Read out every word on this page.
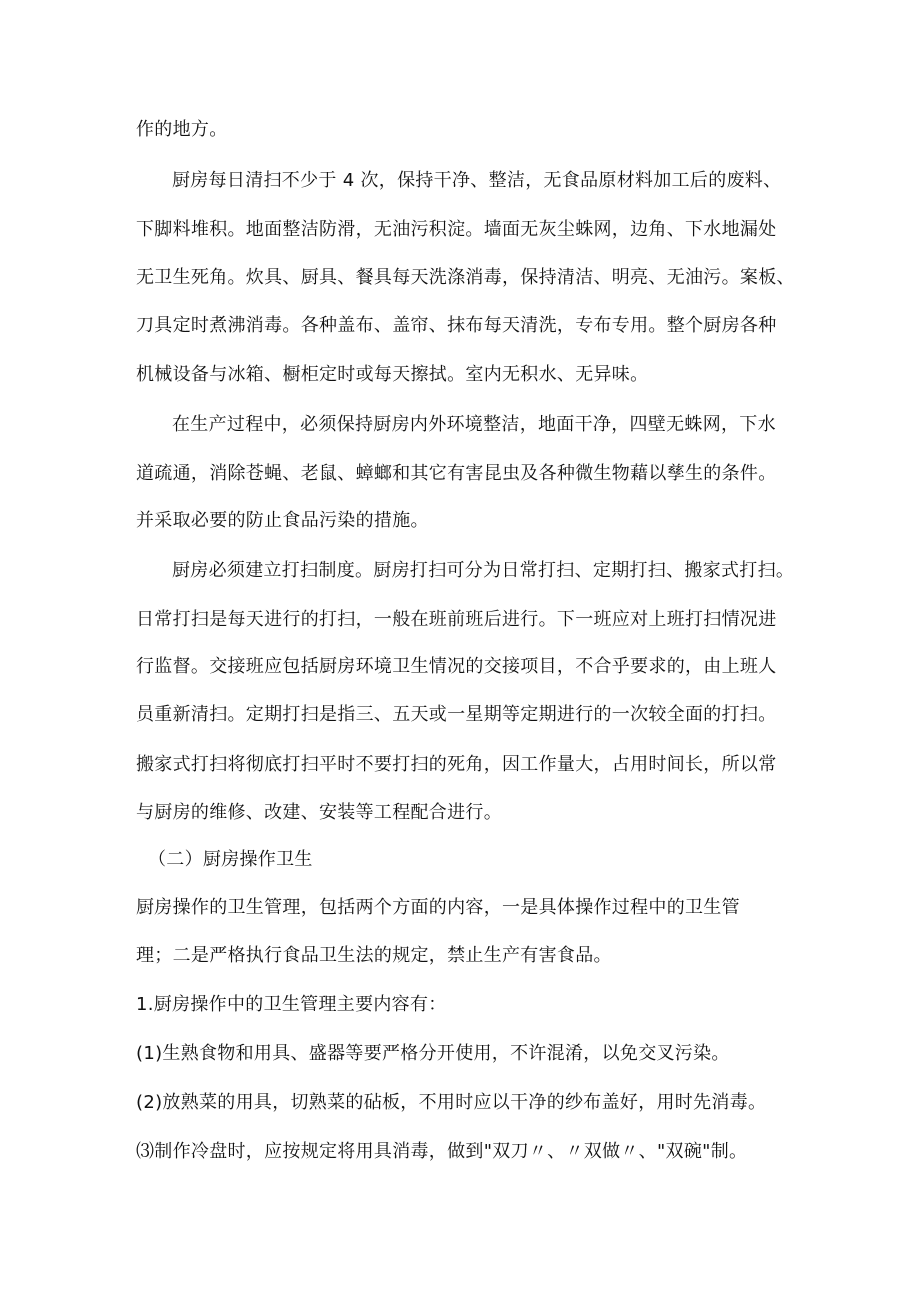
作的地方。
厨房每日清扫不少于 4 次，保持干净、整洁，无食品原材料加工后的废料、
下脚料堆积。地面整洁防滑，无油污积淀。墙面无灰尘蛛网，边角、下水地漏处
无卫生死角。炊具、厨具、餐具每天洗涤消毒，保持清洁、明亮、无油污。案板、
刀具定时煮沸消毒。各种盖布、盖帘、抹布每天清洗，专布专用。整个厨房各种
机械设备与冰箱、橱柜定时或每天擦拭。室内无积水、无异味。
在生产过程中，必须保持厨房内外环境整洁，地面干净，四壁无蛛网，下水
道疏通，消除苍蝇、老鼠、蟑螂和其它有害昆虫及各种微生物藉以孳生的条件。
并采取必要的防止食品污染的措施。
厨房必须建立打扫制度。厨房打扫可分为日常打扫、定期打扫、搬家式打扫。
日常打扫是每天进行的打扫，一般在班前班后进行。下一班应对上班打扫情况进
行监督。交接班应包括厨房环境卫生情况的交接项目，不合乎要求的，由上班人
员重新清扫。定期打扫是指三、五天或一星期等定期进行的一次较全面的打扫。
搬家式打扫将彻底打扫平时不要打扫的死角，因工作量大，占用时间长，所以常
与厨房的维修、改建、安装等工程配合进行。
（二）厨房操作卫生
厨房操作的卫生管理，包括两个方面的内容，一是具体操作过程中的卫生管
理；二是严格执行食品卫生法的规定，禁止生产有害食品。
1.厨房操作中的卫生管理主要内容有：
(1)生熟食物和用具、盛器等要严格分开使用，不许混淆，以免交叉污染。
(2)放熟菜的用具，切熟菜的砧板，不用时应以干净的纱布盖好，用时先消毒。
⑶制作冷盘时，应按规定将用具消毒，做到"双刀〃、〃双做〃、"双碗"制。
